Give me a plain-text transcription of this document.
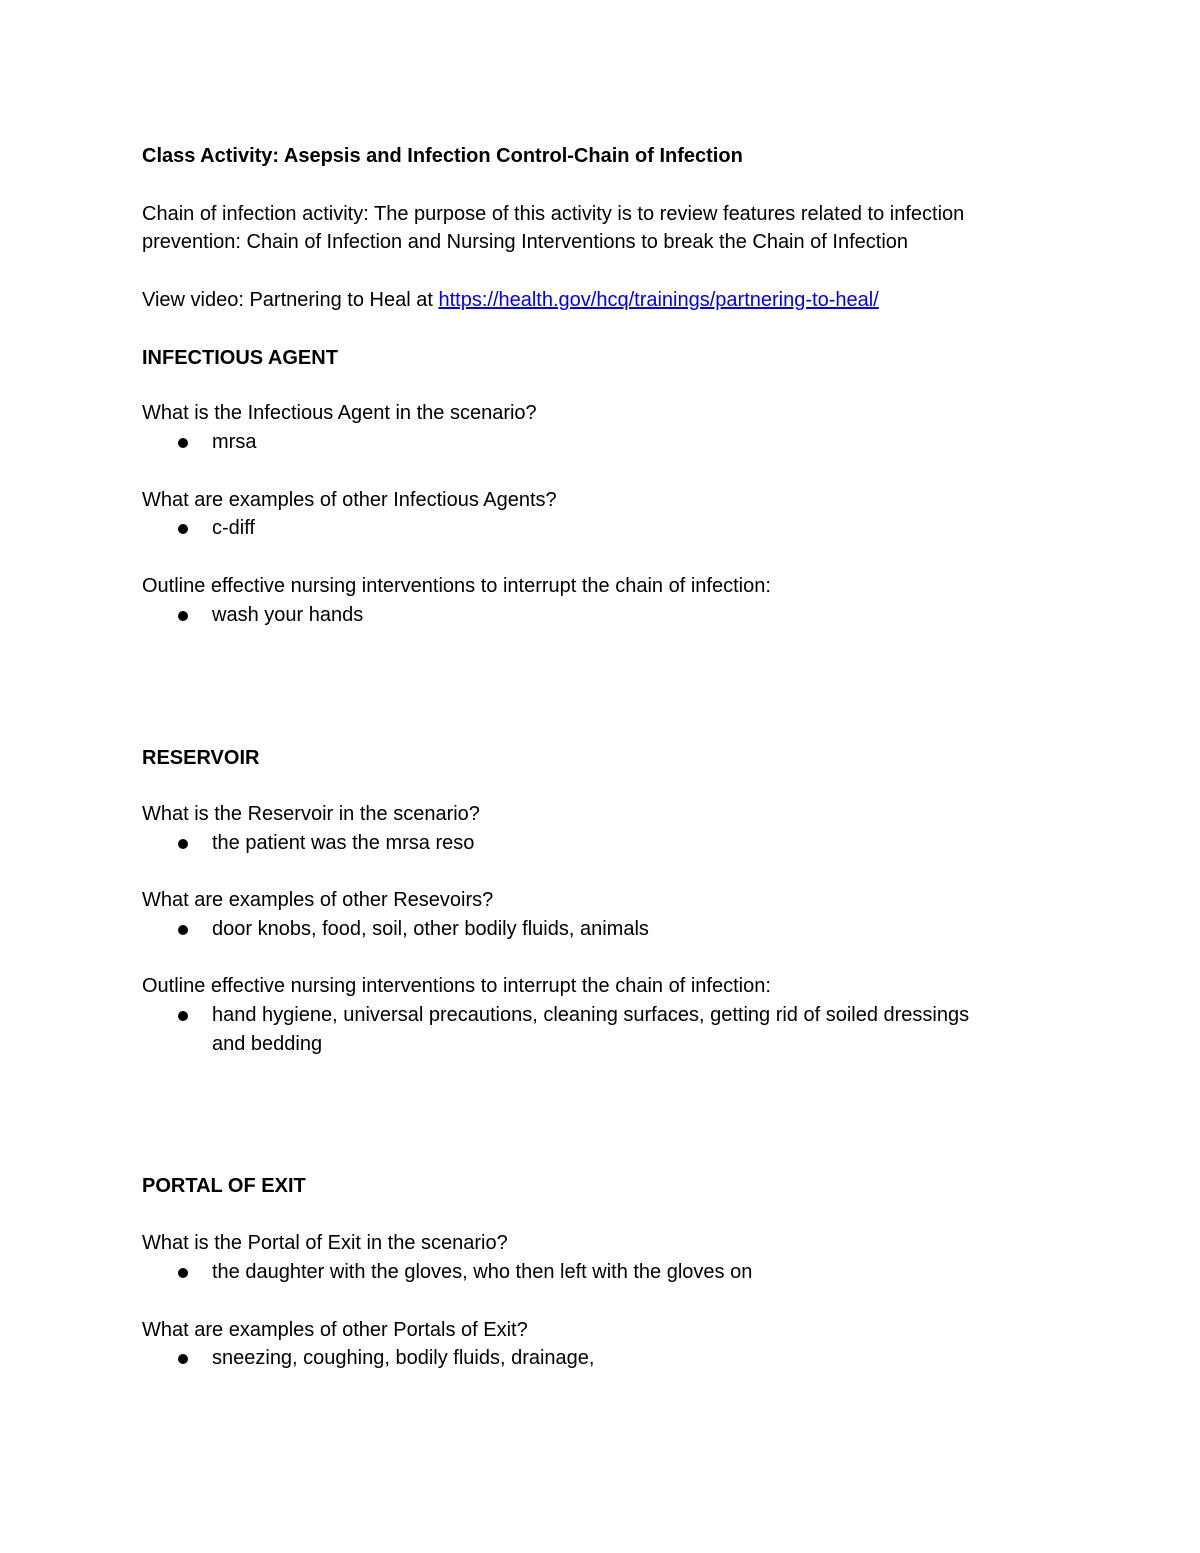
Class Activity: Asepsis and Infection Control-Chain of Infection
Chain of infection activity: The purpose of this activity is to review features related to infection
prevention: Chain of Infection and Nursing Interventions to break the Chain of Infection
View video: Partnering to Heal at https://health.gov/hcq/trainings/partnering-to-heal/
INFECTIOUS AGENT
What is the Infectious Agent in the scenario?
mrsa
What are examples of other Infectious Agents?
c-diff
Outline effective nursing interventions to interrupt the chain of infection:
wash your hands
RESERVOIR
What is the Reservoir in the scenario?
the patient was the mrsa reso
What are examples of other Resevoirs?
door knobs, food, soil, other bodily fluids, animals
Outline effective nursing interventions to interrupt the chain of infection:
hand hygiene, universal precautions, cleaning surfaces, getting rid of soiled dressings
and bedding
PORTAL OF EXIT
What is the Portal of Exit in the scenario?
the daughter with the gloves, who then left with the gloves on
What are examples of other Portals of Exit?
sneezing, coughing, bodily fluids, drainage,
